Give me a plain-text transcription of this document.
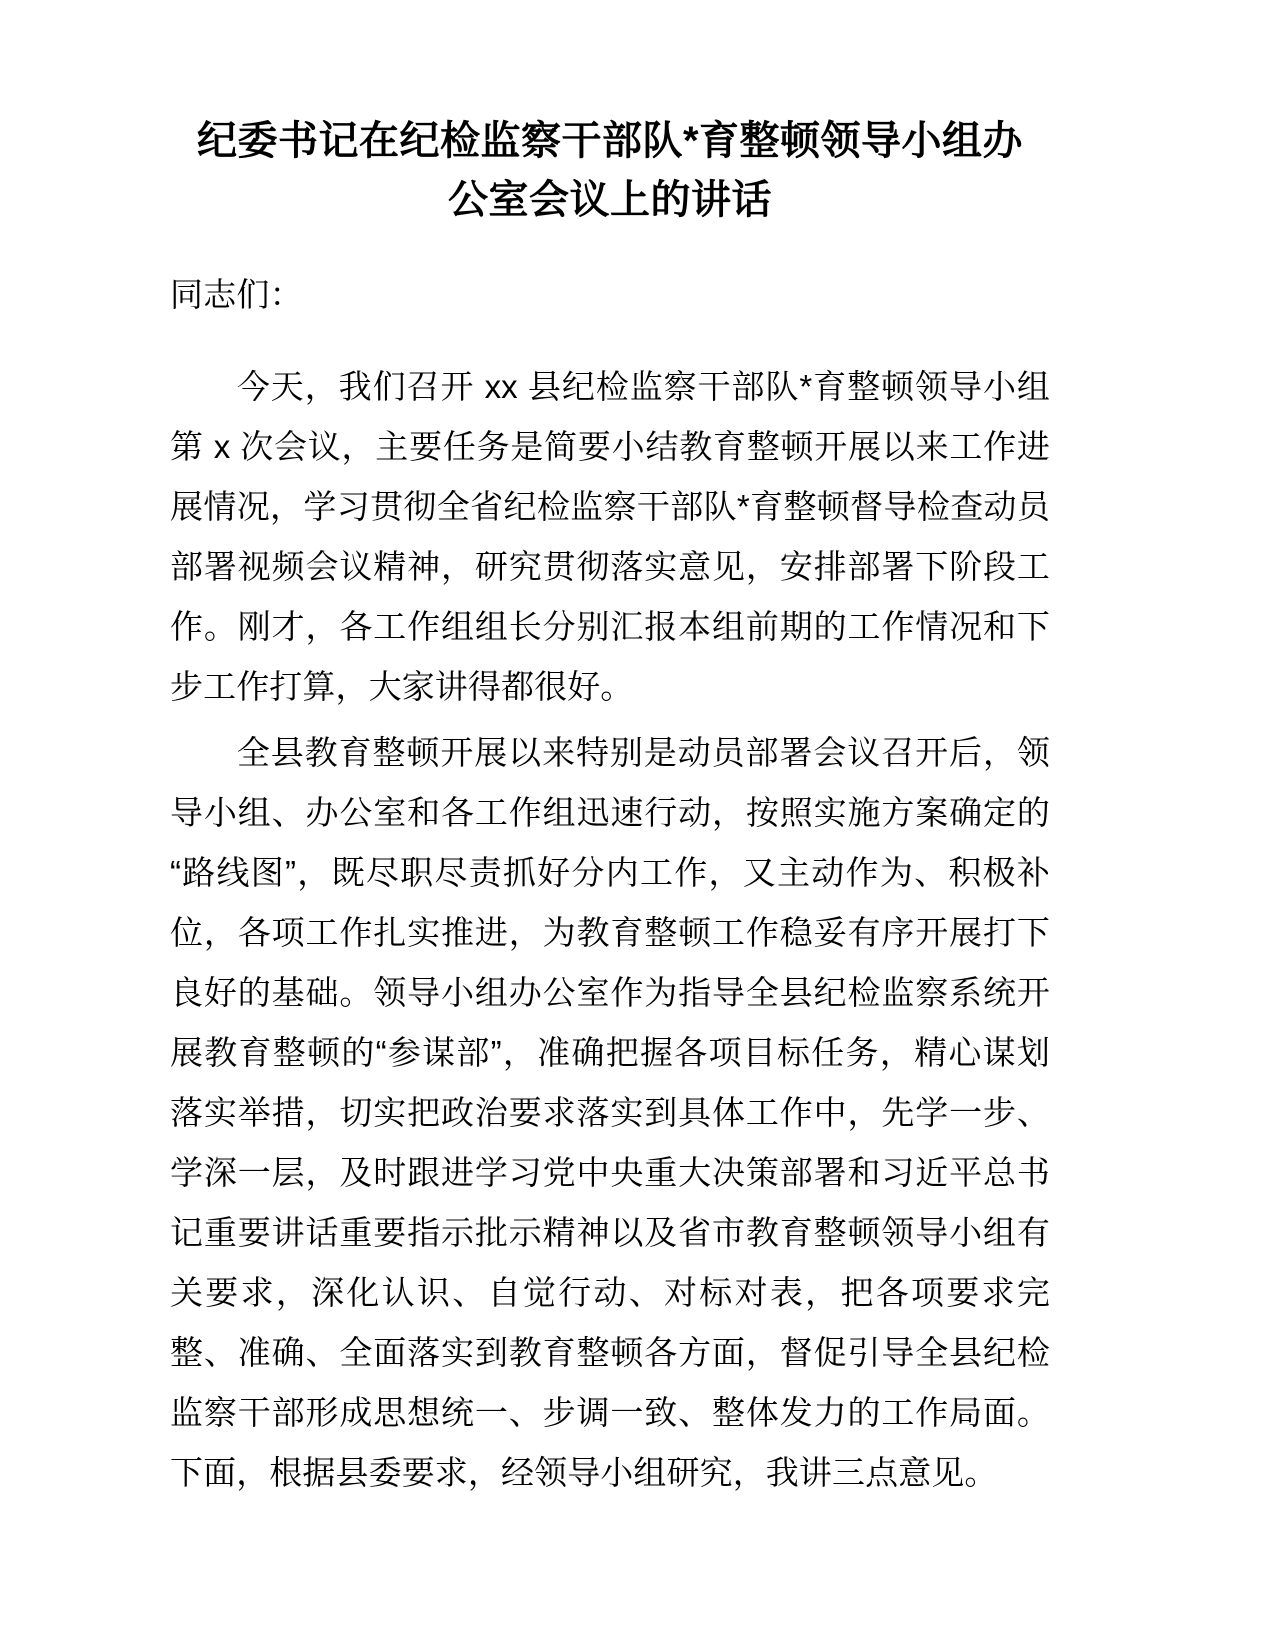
纪委书记在纪检监察干部队*育整顿领导小组办
公室会议上的讲话

同志们：

今天，我们召开 xx 县纪检监察干部队*育整顿领导小组第 x 次会议，主要任务是简要小结教育整顿开展以来工作进展情况，学习贯彻全省纪检监察干部队*育整顿督导检查动员部署视频会议精神，研究贯彻落实意见，安排部署下阶段工作。刚才，各工作组组长分别汇报本组前期的工作情况和下步工作打算，大家讲得都很好。

全县教育整顿开展以来特别是动员部署会议召开后，领导小组、办公室和各工作组迅速行动，按照实施方案确定的“路线图”，既尽职尽责抓好分内工作，又主动作为、积极补位，各项工作扎实推进，为教育整顿工作稳妥有序开展打下良好的基础。领导小组办公室作为指导全县纪检监察系统开展教育整顿的“参谋部”，准确把握各项目标任务，精心谋划落实举措，切实把政治要求落实到具体工作中，先学一步、学深一层，及时跟进学习党中央重大决策部署和习近平总书记重要讲话重要指示批示精神以及省市教育整顿领导小组有关要求，深化认识、自觉行动、对标对表，把各项要求完整、准确、全面落实到教育整顿各方面，督促引导全县纪检监察干部形成思想统一、步调一致、整体发力的工作局面。下面，根据县委要求，经领导小组研究，我讲三点意见。
